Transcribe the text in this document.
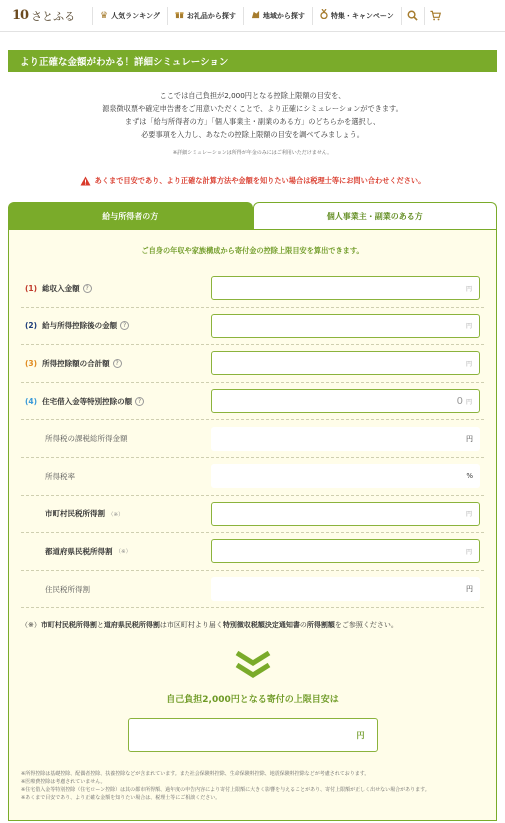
10 さとふる	♛ 人気ランキング	お礼品から探す	地域から探す	特集・キャンペーン
より正確な金額がわかる！詳細シミュレーション
ここでは自己負担が2,000円となる控除上限額の目安を、
源泉徴収票や確定申告書をご用意いただくことで、より正確にシミュレーションができます。
まずは「給与所得者の方」「個人事業主・副業のある方」のどちらかを選択し、
必要事項を入力し、あなたの控除上限額の目安を調べてみましょう。
※詳細シミュレーションは所得が年金のみにはご利用いただけません。
あくまで目安であり、より正確な計算方法や金額を知りたい場合は税理士等にお問い合わせください。
給与所得者の方	個人事業主・副業のある方
ご自身の年収や家族構成から寄付金の控除上限目安を算出できます。
(1) 総収入金額 ?	円
(2) 給与所得控除後の金額 ?	円
(3) 所得控除額の合計額 ?	円
(4) 住宅借入金等特別控除の額 ?	0 円
所得税の課税総所得金額	円
所得税率	%
市町村民税所得割 （※）	円
都道府県民税所得割 （※）	円
住民税所得割	円
（※）市町村民税所得割と道府県民税所得割は市区町村より届く特別徴収税額決定通知書の所得割額をご参照ください。
自己負担2,000円となる寄付の上限目安は
円
※所得控除は基礎控除、配偶者控除、扶養控除などが含まれています。また社会保険料控除、生命保険料控除、地震保険料控除などが考慮されております。
※医療費控除は考慮されていません。
※住宅借入金等特別控除（住宅ローン控除）は其の都市所得額、過年度の申告内容により寄付上限額に大きく影響を与えることがあり、寄付上限額が正しく出せない場合があります。
※あくまで目安であり、より正確な金額を知りたい場合は、税理士等にご相談ください。
